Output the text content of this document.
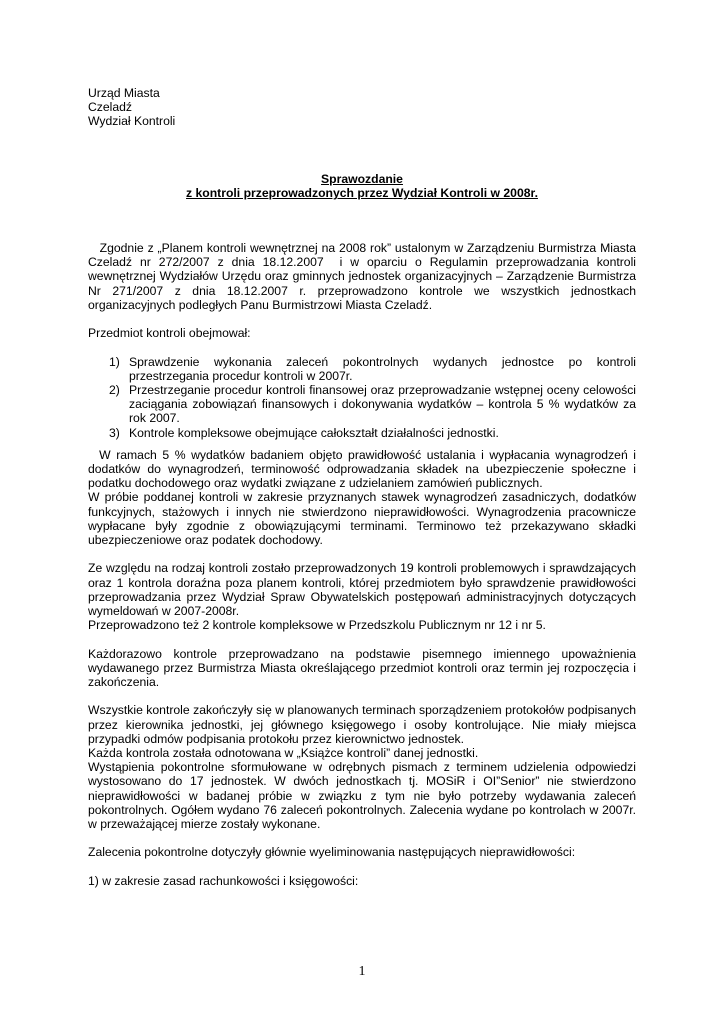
Urząd Miasta
Czeladź
Wydział Kontroli
Sprawozdanie
z kontroli przeprowadzonych przez Wydział Kontroli w 2008r.

Zgodnie z „Planem kontroli wewnętrznej na 2008 rok” ustalonym w Zarządzeniu Burmistrza Miasta Czeladź nr 272/2007 z dnia 18.12.2007  i w oparciu o Regulamin przeprowadzania kontroli wewnętrznej Wydziałów Urzędu oraz gminnych jednostek organizacyjnych – Zarządzenie Burmistrza Nr 271/2007 z dnia 18.12.2007 r. przeprowadzono kontrole we wszystkich jednostkach organizacyjnych podległych Panu Burmistrzowi Miasta Czeladź.

Przedmiot kontroli obejmował:

1) Sprawdzenie wykonania zaleceń pokontrolnych wydanych jednostce po kontroli przestrzegania procedur kontroli w 2007r.
2) Przestrzeganie procedur kontroli finansowej oraz przeprowadzanie wstępnej oceny celowości zaciągania zobowiązań finansowych i dokonywania wydatków – kontrola 5 % wydatków za rok 2007.
3) Kontrole kompleksowe obejmujące całokształt działalności jednostki.

W ramach 5 % wydatków badaniem objęto prawidłowość ustalania i wypłacania wynagrodzeń i dodatków do wynagrodzeń, terminowość odprowadzania składek na ubezpieczenie społeczne i podatku dochodowego oraz wydatki związane z udzielaniem zamówień publicznych.

W próbie poddanej kontroli w zakresie przyznanych stawek wynagrodzeń zasadniczych, dodatków funkcyjnych, stażowych i innych nie stwierdzono nieprawidłowości. Wynagrodzenia pracownicze wypłacane były zgodnie z obowiązującymi terminami. Terminowo też przekazywano składki ubezpieczeniowe oraz podatek dochodowy.

Ze względu na rodzaj kontroli zostało przeprowadzonych 19 kontroli problemowych i sprawdzających oraz 1 kontrola doraźna poza planem kontroli, której przedmiotem było sprawdzenie prawidłowości przeprowadzania przez Wydział Spraw Obywatelskich postępowań administracyjnych dotyczących wymeldowań w 2007-2008r.

Przeprowadzono też 2 kontrole kompleksowe w Przedszkolu Publicznym nr 12 i nr 5.

Każdorazowo kontrole przeprowadzano na podstawie pisemnego imiennego upoważnienia wydawanego przez Burmistrza Miasta określającego przedmiot kontroli oraz termin jej rozpoczęcia i zakończenia.

Wszystkie kontrole zakończyły się w planowanych terminach sporządzeniem protokołów podpisanych przez kierownika jednostki, jej głównego księgowego i osoby kontrolujące. Nie miały miejsca przypadki odmów podpisania protokołu przez kierownictwo jednostek.

Każda kontrola została odnotowana w „Książce kontroli” danej jednostki.

Wystąpienia pokontrolne sformułowane w odrębnych pismach z terminem udzielenia odpowiedzi wystosowano do 17 jednostek. W dwóch jednostkach tj. MOSiR i OI”Senior” nie stwierdzono nieprawidłowości w badanej próbie w związku z tym nie było potrzeby wydawania zaleceń pokontrolnych. Ogółem wydano 76 zaleceń pokontrolnych. Zalecenia wydane po kontrolach w 2007r. w przeważającej mierze zostały wykonane.

Zalecenia pokontrolne dotyczyły głównie wyeliminowania następujących nieprawidłowości:

1) w zakresie zasad rachunkowości i księgowości:

1
